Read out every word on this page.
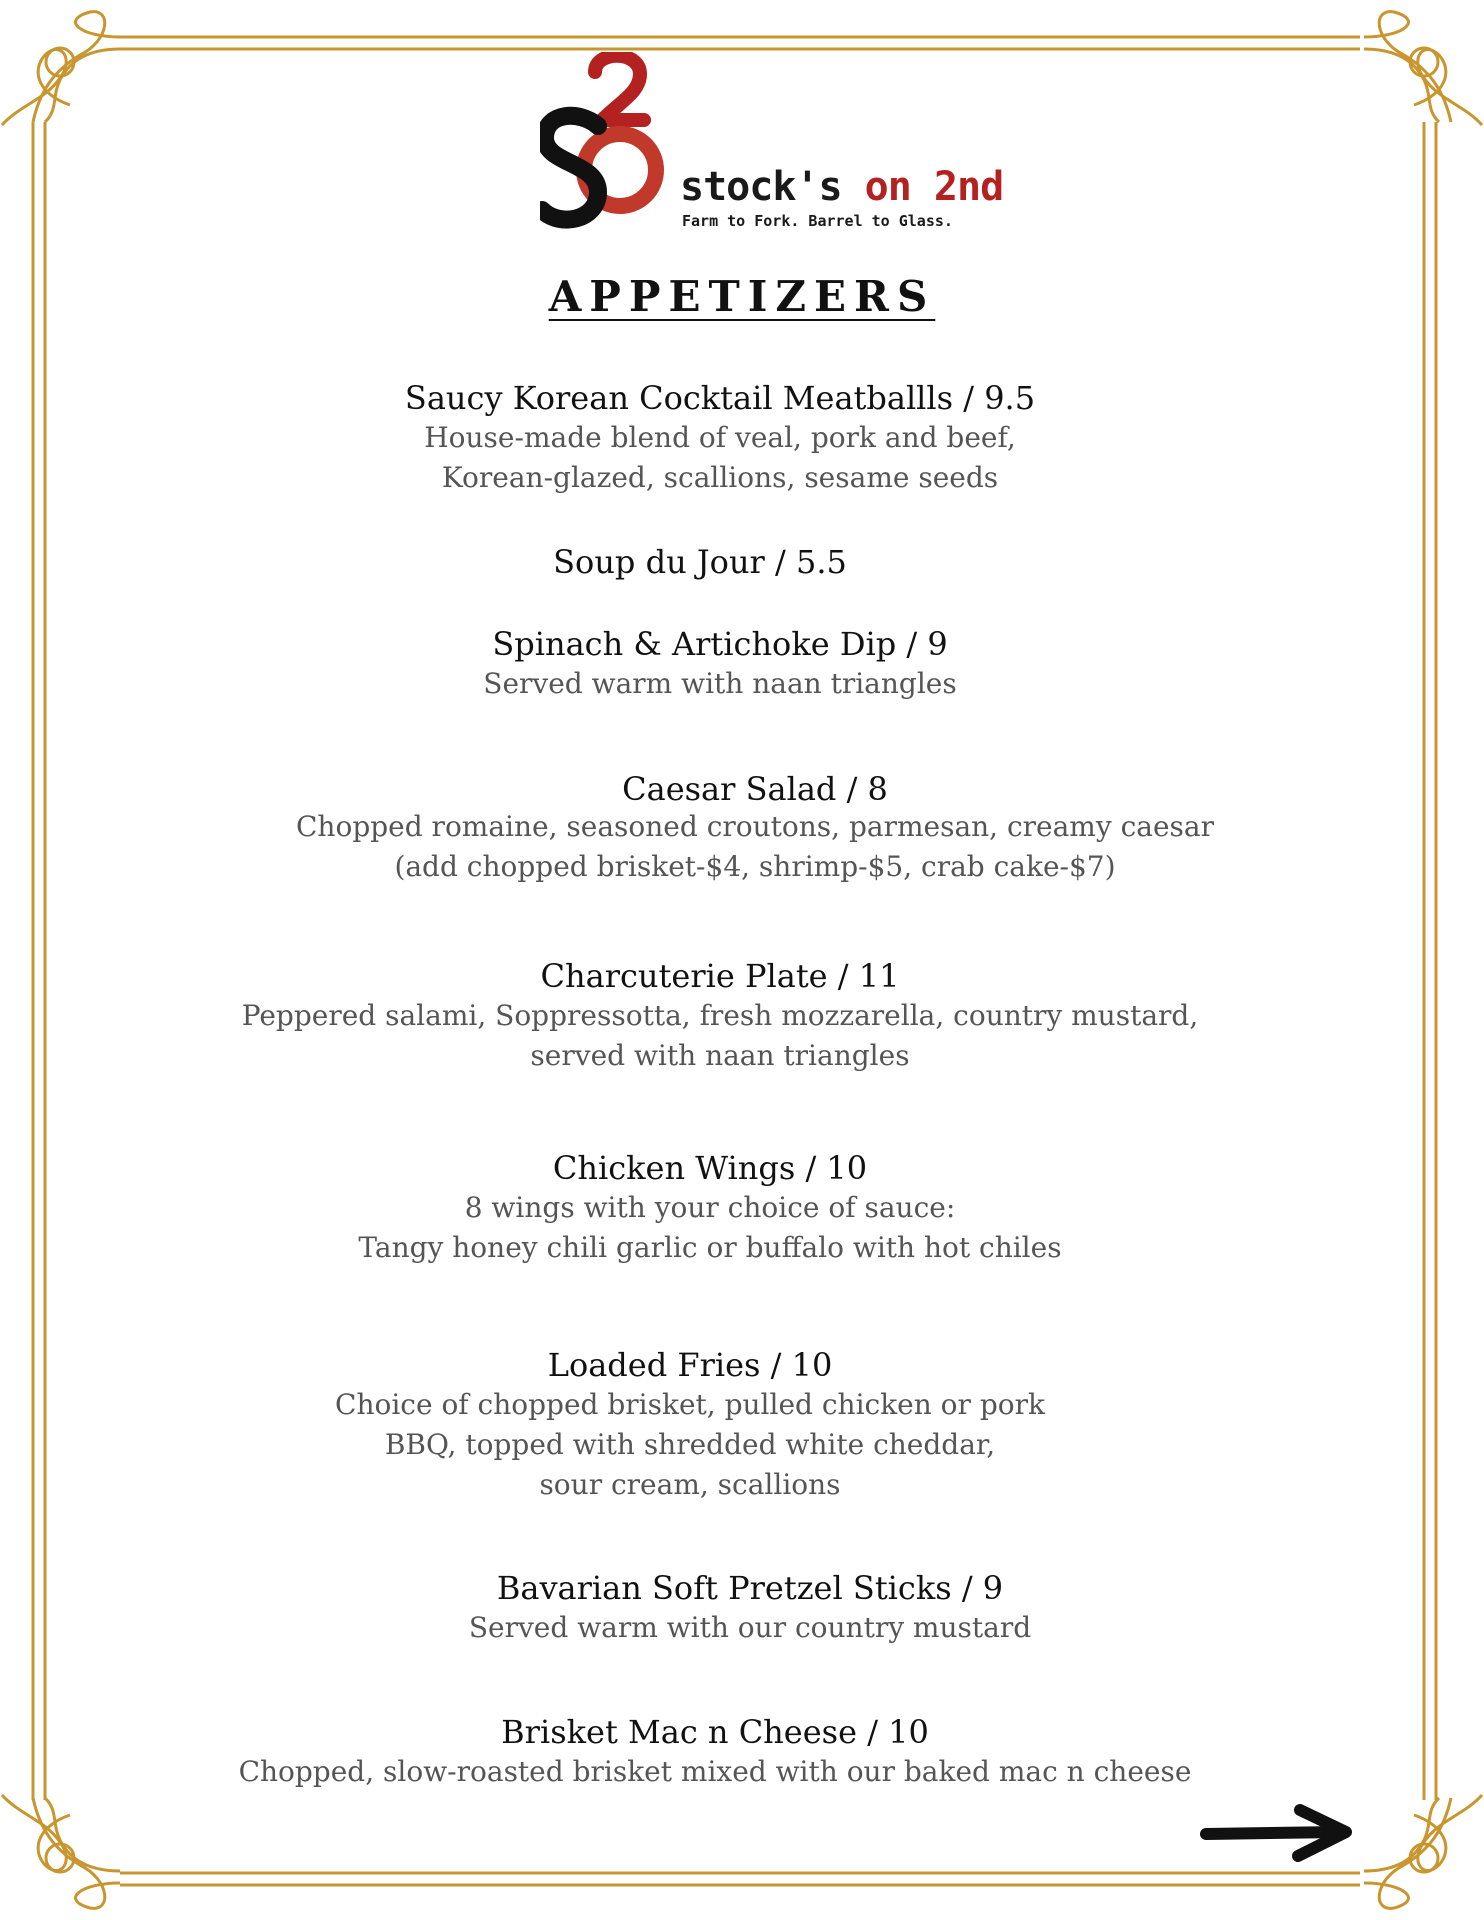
stock's on 2nd
Farm to Fork. Barrel to Glass.
APPETIZERS
Saucy Korean Cocktail Meatballls / 9.5
House-made blend of veal, pork and beef,
Korean-glazed, scallions, sesame seeds
Soup du Jour / 5.5
Spinach & Artichoke Dip / 9
Served warm with naan triangles
Caesar Salad / 8
Chopped romaine, seasoned croutons, parmesan, creamy caesar
(add chopped brisket-$4, shrimp-$5, crab cake-$7)
Charcuterie Plate / 11
Peppered salami, Soppressotta, fresh mozzarella, country mustard,
served with naan triangles
Chicken Wings / 10
8 wings with your choice of sauce:
Tangy honey chili garlic or buffalo with hot chiles
Loaded Fries / 10
Choice of chopped brisket, pulled chicken or pork
BBQ, topped with shredded white cheddar,
sour cream, scallions
Bavarian Soft Pretzel Sticks / 9
Served warm with our country mustard
Brisket Mac n Cheese / 10
Chopped, slow-roasted brisket mixed with our baked mac n cheese
